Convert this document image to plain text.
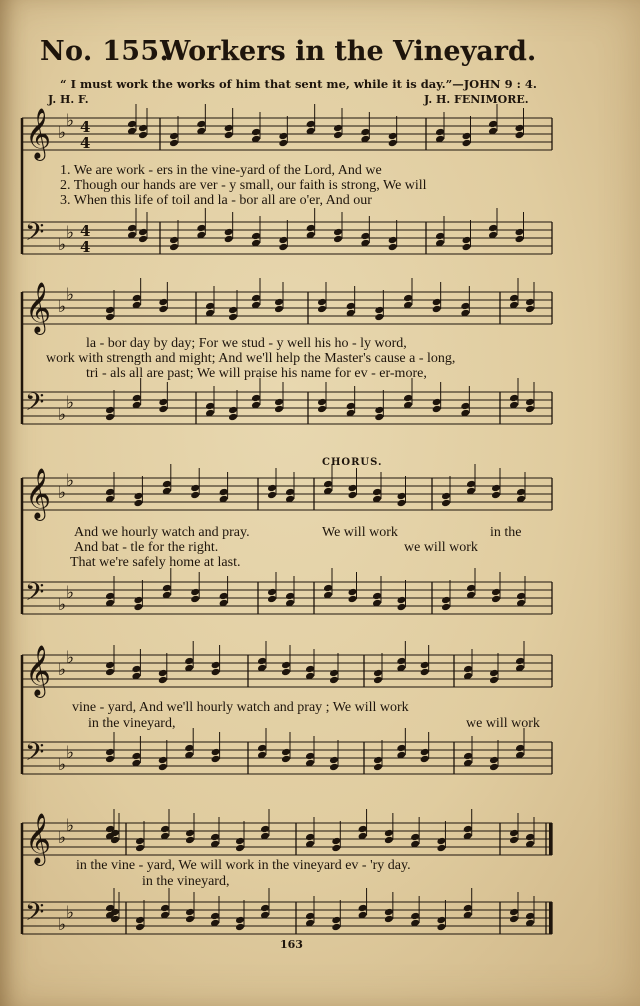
No. 155.
Workers in the Vineyard.
“ I must work the works of him that sent me, while it is day.”—JOHN 9 : 4.
J. H. F.	J. H. FENIMORE.
𝄞 ♭
♭ 4
4
𝄢 ♭
♭ 4
4
𝄞 ♭
♭
𝄢 ♭
♭
𝄞 ♭
♭
𝄢 ♭
♭
𝄞 ♭
♭
𝄢 ♭
♭
𝄞 ♭
♭
𝄢 ♭
♭
1. We are work - ers in the vine-yard of the Lord, And we
2. Though our hands are ver - y small, our faith is strong, We will
3. When this life of toil and la - bor all are o'er, And our
la - bor day by day; For we stud - y well his ho - ly word,
work with strength and might; And we'll help the Master's cause a - long,
tri - als all are past; We will praise his name for ev - er-more,
CHORUS.
And we hourly watch and pray.
And bat - tle for the right.
That we're safely home at last.
We will work	in the
we will work
vine - yard, And we'll hourly watch and pray ; We will work
in the vineyard,	we will work
in the vine - yard, We will work in the vineyard ev - 'ry day.
in the vineyard,
163
